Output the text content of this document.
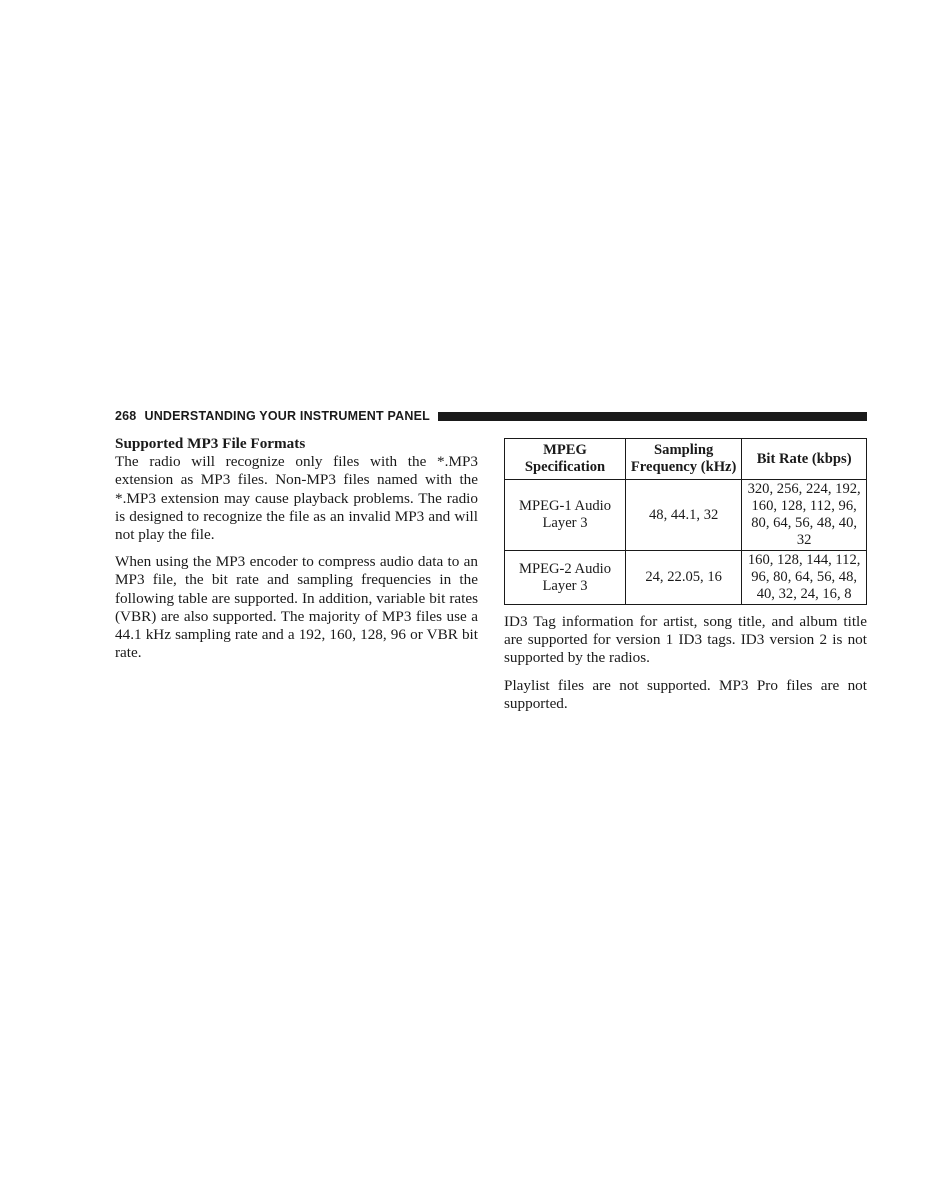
268 UNDERSTANDING YOUR INSTRUMENT PANEL

Supported MP3 File Formats

The radio will recognize only files with the *.MP3 extension as MP3 files. Non-MP3 files named with the *.MP3 extension may cause playback problems. The radio is designed to recognize the file as an invalid MP3 and will not play the file.

When using the MP3 encoder to compress audio data to an MP3 file, the bit rate and sampling frequencies in the following table are supported. In addition, variable bit rates (VBR) are also supported. The majority of MP3 files use a 44.1 kHz sampling rate and a 192, 160, 128, 96 or VBR bit rate.

MPEG Specification	Sampling Frequency (kHz)	Bit Rate (kbps)
MPEG-1 Audio Layer 3	48, 44.1, 32	320, 256, 224, 192, 160, 128, 112, 96, 80, 64, 56, 48, 40, 32
MPEG-2 Audio Layer 3	24, 22.05, 16	160, 128, 144, 112, 96, 80, 64, 56, 48, 40, 32, 24, 16, 8

ID3 Tag information for artist, song title, and album title are supported for version 1 ID3 tags. ID3 version 2 is not supported by the radios.

Playlist files are not supported. MP3 Pro files are not supported.
